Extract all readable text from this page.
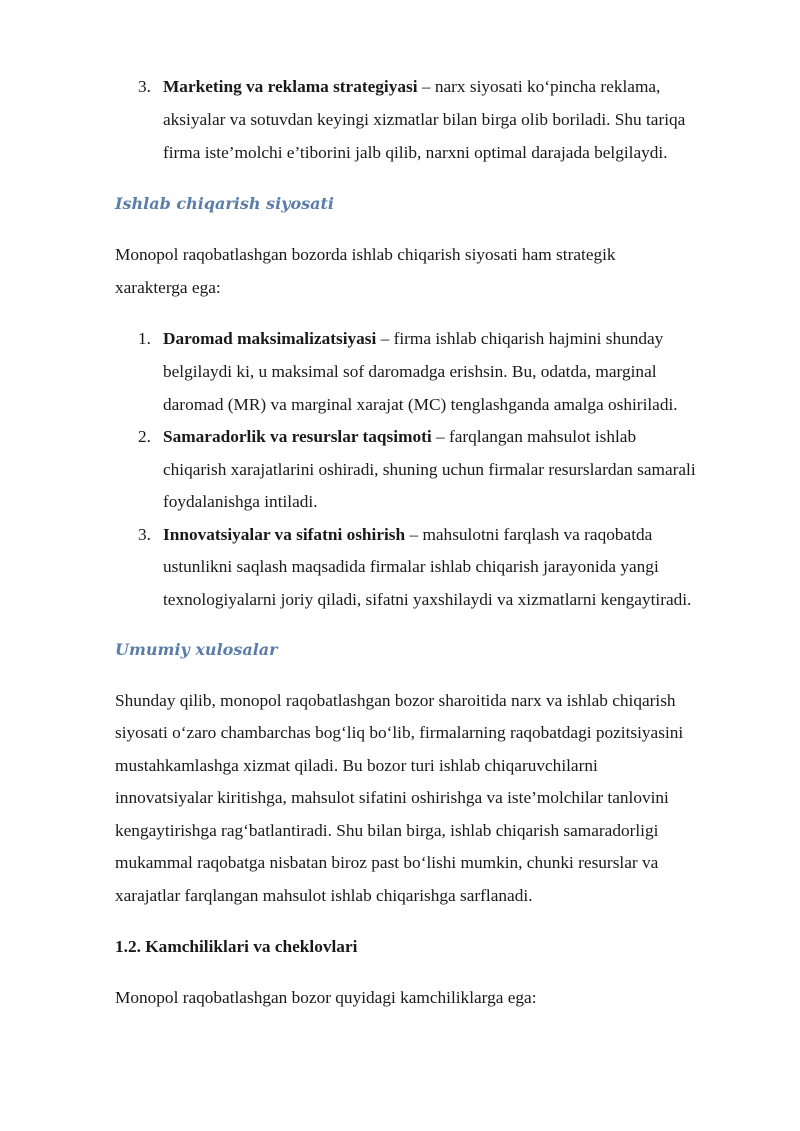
3. Marketing va reklama strategiyasi – narx siyosati ko‘pincha reklama,
aksiyalar va sotuvdan keyingi xizmatlar bilan birga olib boriladi. Shu tariqa
firma iste’molchi e’tiborini jalb qilib, narxni optimal darajada belgilaydi.
Ishlab chiqarish siyosati
Monopol raqobatlashgan bozorda ishlab chiqarish siyosati ham strategik
xarakterga ega:
1. Daromad maksimalizatsiyasi – firma ishlab chiqarish hajmini shunday
belgilaydi ki, u maksimal sof daromadga erishsin. Bu, odatda, marginal
daromad (MR) va marginal xarajat (MC) tenglashganda amalga oshiriladi.
2. Samaradorlik va resurslar taqsimoti – farqlangan mahsulot ishlab
chiqarish xarajatlarini oshiradi, shuning uchun firmalar resurslardan samarali
foydalanishga intiladi.
3. Innovatsiyalar va sifatni oshirish – mahsulotni farqlash va raqobatda
ustunlikni saqlash maqsadida firmalar ishlab chiqarish jarayonida yangi
texnologiyalarni joriy qiladi, sifatni yaxshilaydi va xizmatlarni kengaytiradi.
Umumiy xulosalar
Shunday qilib, monopol raqobatlashgan bozor sharoitida narx va ishlab chiqarish
siyosati o‘zaro chambarchas bog‘liq bo‘lib, firmalarning raqobatdagi pozitsiyasini
mustahkamlashga xizmat qiladi. Bu bozor turi ishlab chiqaruvchilarni
innovatsiyalar kiritishga, mahsulot sifatini oshirishga va iste’molchilar tanlovini
kengaytirishga rag‘batlantiradi. Shu bilan birga, ishlab chiqarish samaradorligi
mukammal raqobatga nisbatan biroz past bo‘lishi mumkin, chunki resurslar va
xarajatlar farqlangan mahsulot ishlab chiqarishga sarflanadi.
1.2. Kamchiliklari va cheklovlari
Monopol raqobatlashgan bozor quyidagi kamchiliklarga ega:
